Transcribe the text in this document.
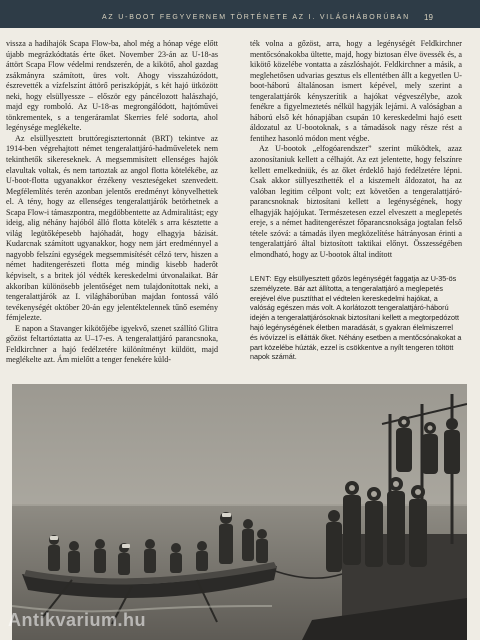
AZ U-BOOT FEGYVERNEM TÖRTÉNETE AZ I. VILÁGHÁBORÚBAN 19

vissza a hadihajók Scapa Flow-ba, ahol még a hónap vége előtt újabb megrázkódtatás érte őket. November 23-án az U-18-as áttört Scapa Flow védelmi rendszerén, de a kikötő, ahol gazdag zsákmányra számított, üres volt. Ahogy visszahúzódott, észrevették a vízfelszínt áttörő periszkópját, s két hajó ütközött neki, hogy elsüllyessze – először egy páncélozott halászhajó, majd egy romboló. Az U-18-as megrongálódott, hajtóművei tönkrementek, s a tengeráramlat Skerries felé sodorta, ahol legénysége meglékelte.

Az elsüllyesztett bruttóregisztertonnát (BRT) tekintve az 1914-ben végrehajtott német tengeralattjáró-hadműveletek nem tekinthetők sikereseknek. A megsemmisített ellenséges hajók elavultak voltak, és nem tartoztak az angol flotta kötelékébe, az U-boot-flotta ugyanakkor érzékeny veszteségeket szenvedett. Megfélemlítés terén azonban jelentős eredményt könyvelhettek el. A tény, hogy az ellenséges tengeralattjárók betörhetnek a Scapa Flow-i támaszpontra, megdöbbentette az Admiralitást; egy ideig, alig néhány hajóból álló flotta kötelék s arra késztette a világ legütőképesebb hajóhadát, hogy elhagyja bázisát. Kudarcnak számított ugyanakkor, hogy nem járt eredménnyel a nagyobb felszíni egységek megsemmisítését célzó terv, hiszen a német haditengerészeti flotta még mindig kisebb haderőt képviselt, s a britek jól védték kereskedelmi útvonalaikat. Bár akkoriban különösebb jelentőséget nem tulajdonítottak neki, a tengeralattjárók az I. világháborúban majdan fontossá váló tevékenységét október 20-án egy jelentéktelennek tűnő esemény fémjelezte.

E napon a Stavanger kikötőjébe igyekvő, szenet szállító Glitra gőzöst feltartóztatta az U–17-es. A tengeralattjáró parancsnoka, Feldkirchner a hajó fedélzetére különítményt küldött, majd meglékelte azt. Ám mielőtt a tenger fenekére küld-

ték volna a gőzöst, arra, hogy a legénységét Feldkirchner mentőcsónakokba ültette, majd, hogy biztosan élve övessék és, a kikötő közelébe vontatta a zászlóshajót. Feldkirchner a másik, a meglehetősen udvarias gesztus els ellentétben állt a kegyetlen U-boot-háború általánosan ismert képével, mely szerint a tengeralattjárók kényszerítik a hajókat végveszélybe, azok fenékre a figyelmeztetés nélkül hagyják lejárni. A valóságban a háború első két hónapjában csupán 10 kereskedelmi hajó esett áldozatul az U-bootoknak, s a támadások nagy része rést a fentihez hasonló módon ment végbe.

Az U-bootok „elfogóarendszer” szerint működtek, azaz azonosítaniuk kellett a célhajót. Az ezt jelentette, hogy felszínre kellett emelkedniük, és az őket érdeklő hajó fedélzetére lépni. Csak akkor süllyeszthették el a kiszemelt áldozatot, ha az valóban legitim célpont volt; ezt követően a tengeralattjáró-parancsnoknak biztosítani kellett a legénységének, hogy elhagyják hajójukat. Természetesen ezzel elveszett a meglepetés ereje, s a német haditengerészet főparancsnoksága jogtalan felső tétele szóvá: a támadás ilyen megközelítése hátrányosan érinti a tengeralattjáró által biztosított taktikai előnyt. Összességében elmondható, hogy az U-bootok által indított

LENT: Egy elsüllyesztett gőzös legénységét faggatja az U-35-ös személyzete. Bár azt állította, a tengeralattjáró a meglepetés erejével élve pusztíthat el védtelen kereskedelmi hajókat, a valóság egészen más volt. A korlátozott tengeralattjáró-háború idején a tengeralattjárósoknak biztosítani kellett a megtorpedózott hajó legénységének életben maradását, s gyakran élelmiszerrel és ivóvízzel is ellátták őket. Néhány esetben a mentőcsónakokat a part közelébe húzták, ezzel is csökkentve a nyílt tengeren töltött napok számát.
Antikvarium.hu
